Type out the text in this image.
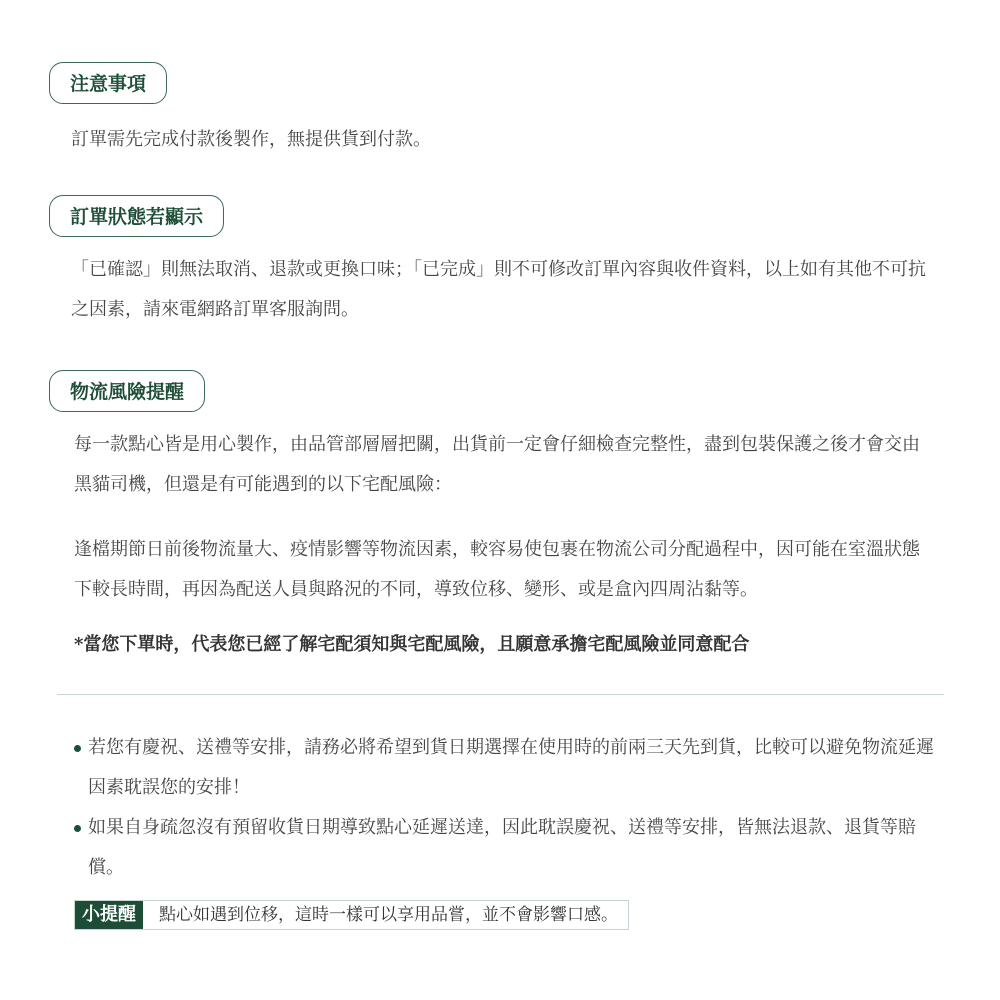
注意事項
訂單需先完成付款後製作，無提供貨到付款。
訂單狀態若顯示
「已確認」則無法取消、退款或更換口味；「已完成」則不可修改訂單內容與收件資料，以上如有其他不可抗之因素，請來電網路訂單客服詢問。
物流風險提醒
每一款點心皆是用心製作，由品管部層層把關，出貨前一定會仔細檢查完整性，盡到包裝保護之後才會交由黑貓司機，但還是有可能遇到的以下宅配風險：
逢檔期節日前後物流量大、疫情影響等物流因素，較容易使包裹在物流公司分配過程中，因可能在室溫狀態下較長時間，再因為配送人員與路況的不同，導致位移、變形、或是盒內四周沾黏等。
*當您下單時，代表您已經了解宅配須知與宅配風險，且願意承擔宅配風險並同意配合
若您有慶祝、送禮等安排，請務必將希望到貨日期選擇在使用時的前兩三天先到貨，比較可以避免物流延遲因素耽誤您的安排！
如果自身疏忽沒有預留收貨日期導致點心延遲送達，因此耽誤慶祝、送禮等安排，皆無法退款、退貨等賠償。
小提醒	點心如遇到位移，這時一樣可以享用品嘗，並不會影響口感。
